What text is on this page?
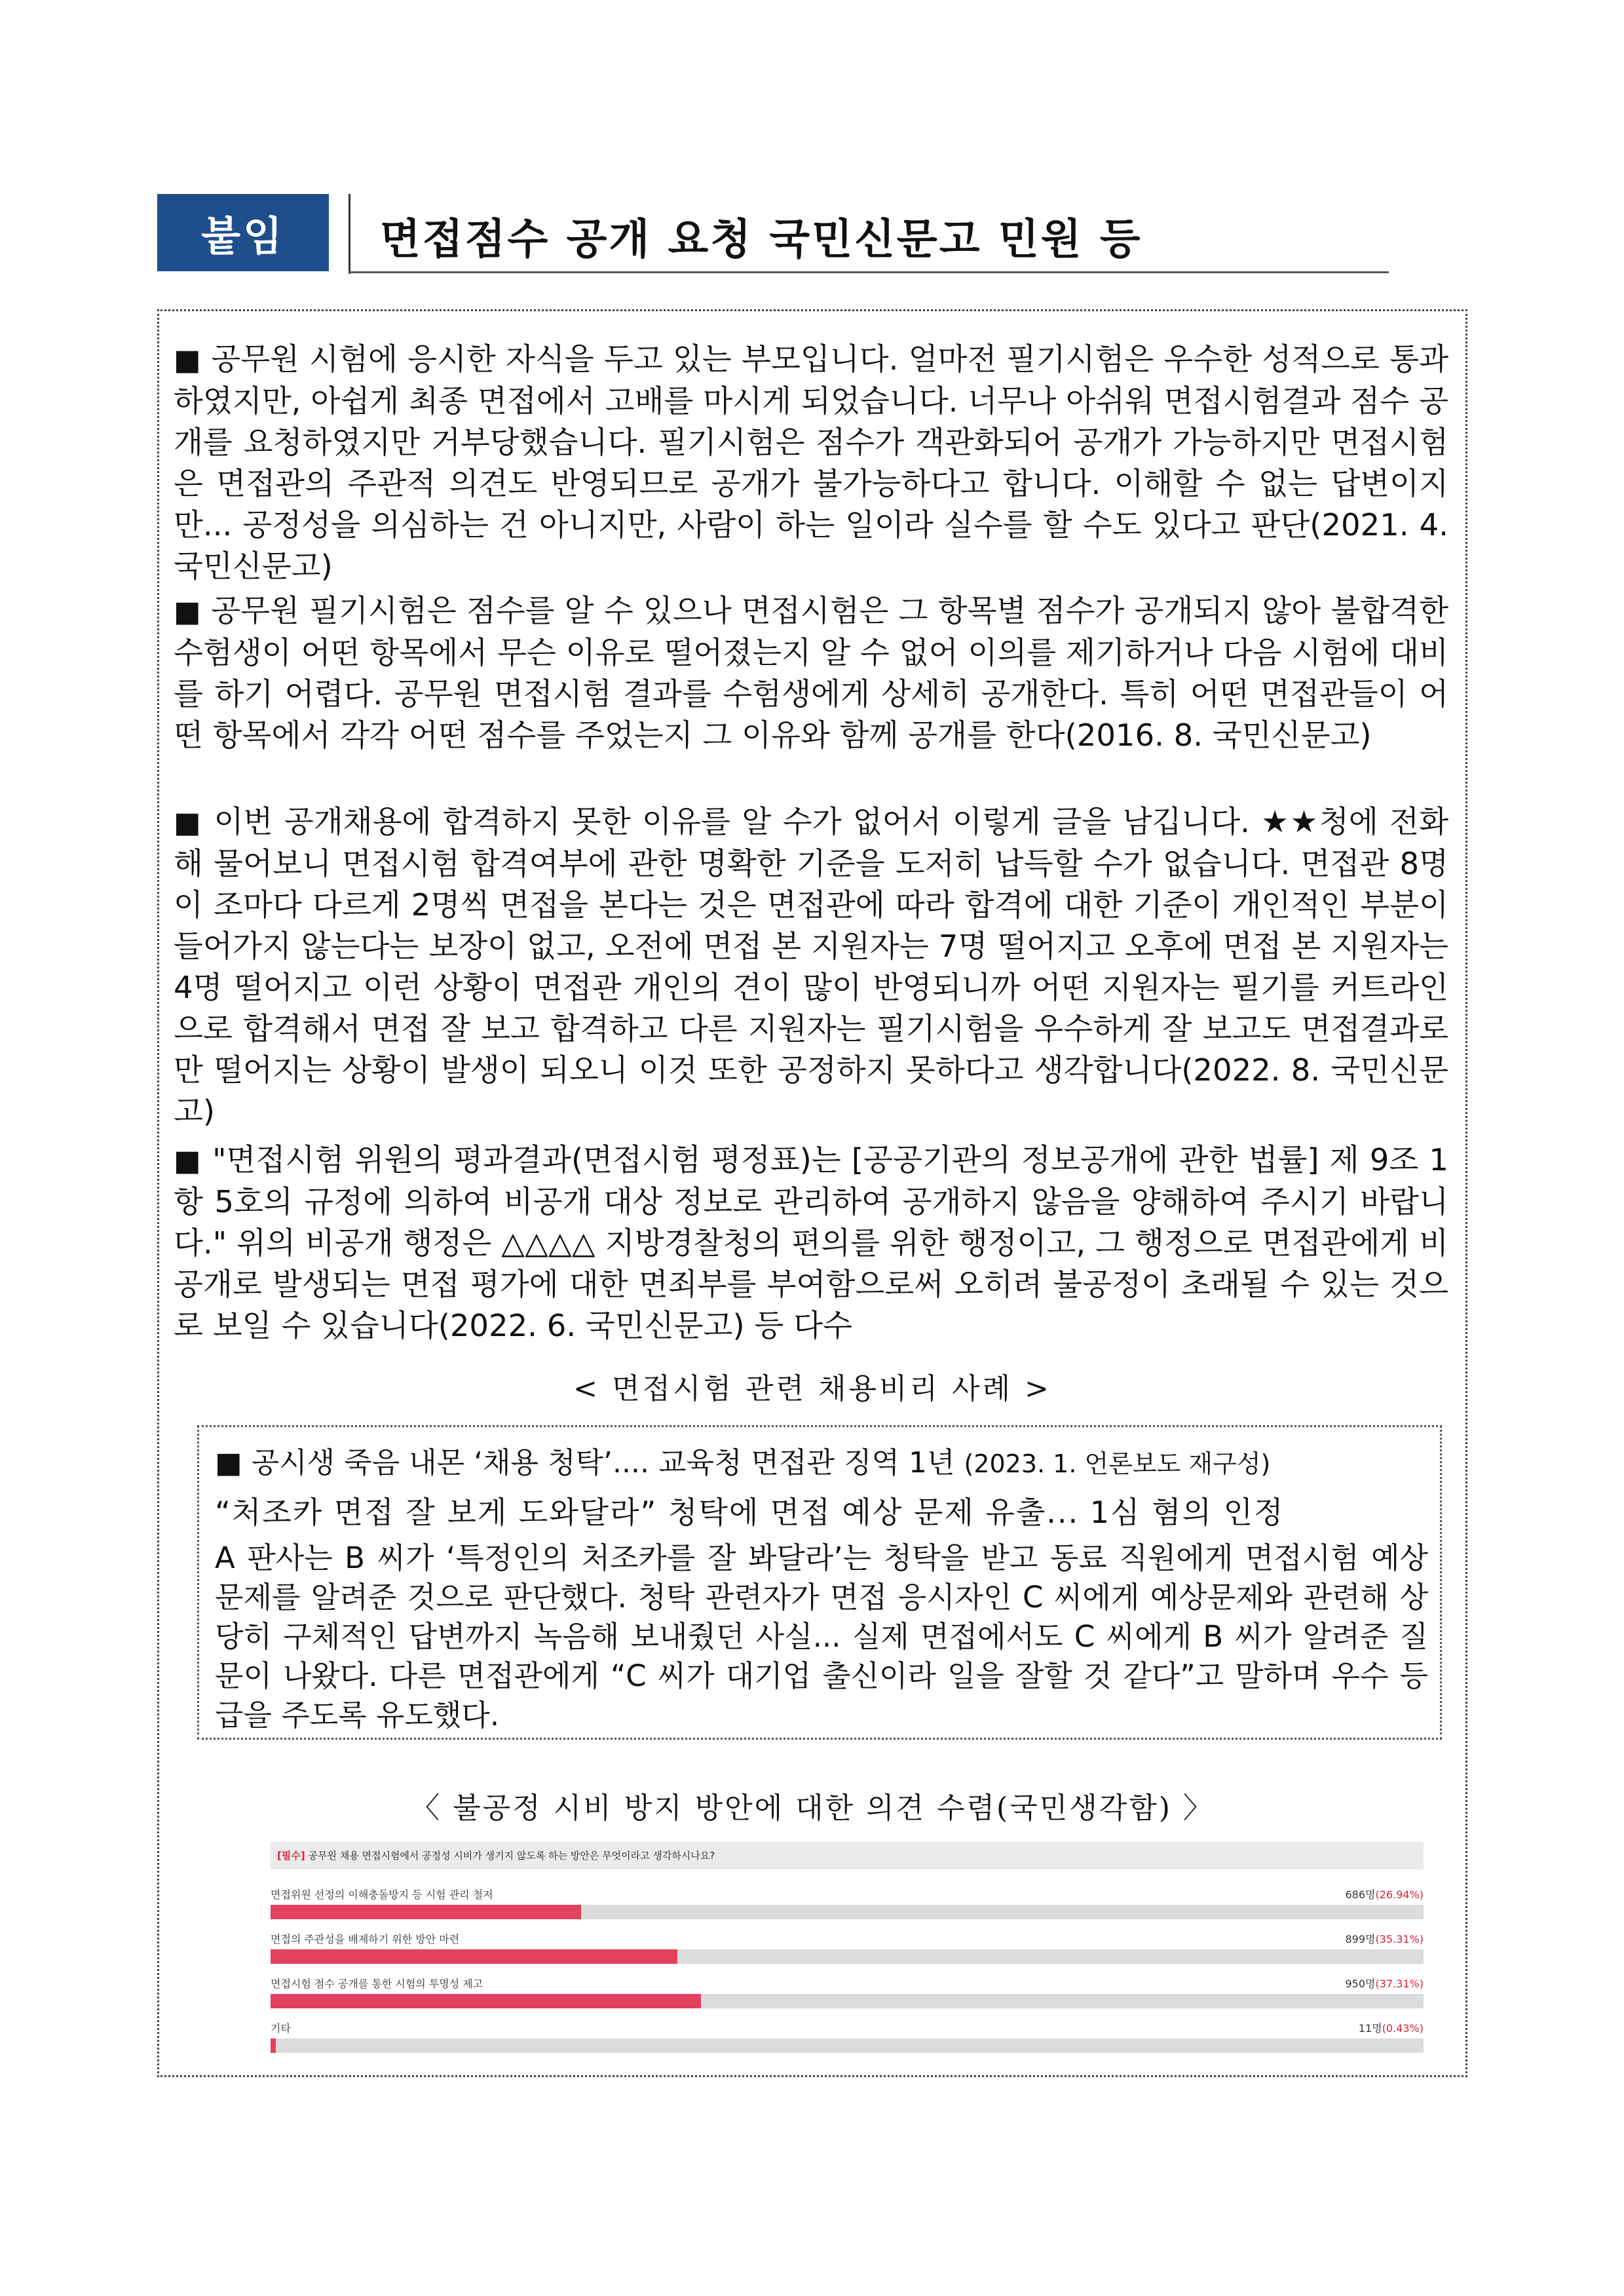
붙임	면접점수 공개 요청 국민신문고 민원 등

■ 공무원 시험에 응시한 자식을 두고 있는 부모입니다. 얼마전 필기시험은 우수한 성적으로 통과하였지만, 아쉽게 최종 면접에서 고배를 마시게 되었습니다. 너무나 아쉬워 면접시험결과 점수 공개를 요청하였지만 거부당했습니다. 필기시험은 점수가 객관화되어 공개가 가능하지만 면접시험은 면접관의 주관적 의견도 반영되므로 공개가 불가능하다고 합니다. 이해할 수 없는 답변이지만... 공정성을 의심하는 건 아니지만, 사람이 하는 일이라 실수를 할 수도 있다고 판단(2021. 4. 국민신문고)

■ 공무원 필기시험은 점수를 알 수 있으나 면접시험은 그 항목별 점수가 공개되지 않아 불합격한 수험생이 어떤 항목에서 무슨 이유로 떨어졌는지 알 수 없어 이의를 제기하거나 다음 시험에 대비를 하기 어렵다. 공무원 면접시험 결과를 수험생에게 상세히 공개한다. 특히 어떤 면접관들이 어떤 항목에서 각각 어떤 점수를 주었는지 그 이유와 함께 공개를 한다(2016. 8. 국민신문고)

■ 이번 공개채용에 합격하지 못한 이유를 알 수가 없어서 이렇게 글을 남깁니다. ★★청에 전화해 물어보니 면접시험 합격여부에 관한 명확한 기준을 도저히 납득할 수가 없습니다. 면접관 8명이 조마다 다르게 2명씩 면접을 본다는 것은 면접관에 따라 합격에 대한 기준이 개인적인 부분이 들어가지 않는다는 보장이 없고, 오전에 면접 본 지원자는 7명 떨어지고 오후에 면접 본 지원자는 4명 떨어지고 이런 상황이 면접관 개인의 견이 많이 반영되니까 어떤 지원자는 필기를 커트라인으로 합격해서 면접 잘 보고 합격하고 다른 지원자는 필기시험을 우수하게 잘 보고도 면접결과로만 떨어지는 상황이 발생이 되오니 이것 또한 공정하지 못하다고 생각합니다(2022. 8. 국민신문고)

■ "면접시험 위원의 평과결과(면접시험 평정표)는 [공공기관의 정보공개에 관한 법률] 제 9조 1항 5호의 규정에 의하여 비공개 대상 정보로 관리하여 공개하지 않음을 양해하여 주시기 바랍니다." 위의 비공개 행정은 △△△△ 지방경찰청의 편의를 위한 행정이고, 그 행정으로 면접관에게 비공개로 발생되는 면접 평가에 대한 면죄부를 부여함으로써 오히려 불공정이 초래될 수 있는 것으로 보일 수 있습니다(2022. 6. 국민신문고) 등 다수

< 면접시험 관련 채용비리 사례 >
■ 공시생 죽음 내몬 ‘채용 청탁’.... 교육청 면접관 징역 1년 (2023. 1. 언론보도 재구성)
“처조카 면접 잘 보게 도와달라” 청탁에 면접 예상 문제 유출... 1심 혐의 인정

A 판사는 B 씨가 ‘특정인의 처조카를 잘 봐달라’는 청탁을 받고 동료 직원에게 면접시험 예상 문제를 알려준 것으로 판단했다. 청탁 관련자가 면접 응시자인 C 씨에게 예상문제와 관련해 상당히 구체적인 답변까지 녹음해 보내줬던 사실... 실제 면접에서도 C 씨에게 B 씨가 알려준 질문이 나왔다. 다른 면접관에게 “C 씨가 대기업 출신이라 일을 잘할 것 같다”고 말하며 우수 등급을 주도록 유도했다.

〈 불공정 시비 방지 방안에 대한 의견 수렴(국민생각함) 〉
[필수] 공무원 채용 면접시험에서 공정성 시비가 생기지 않도록 하는 방안은 무엇이라고 생각하시나요?
면접위원 선정의 이해충돌방지 등 시험 관리 철저	686명(26.94%)
면접의 주관성을 배제하기 위한 방안 마련	899명(35.31%)
면접시험 점수 공개를 통한 시험의 투명성 제고	950명(37.31%)
기타	11명(0.43%)
